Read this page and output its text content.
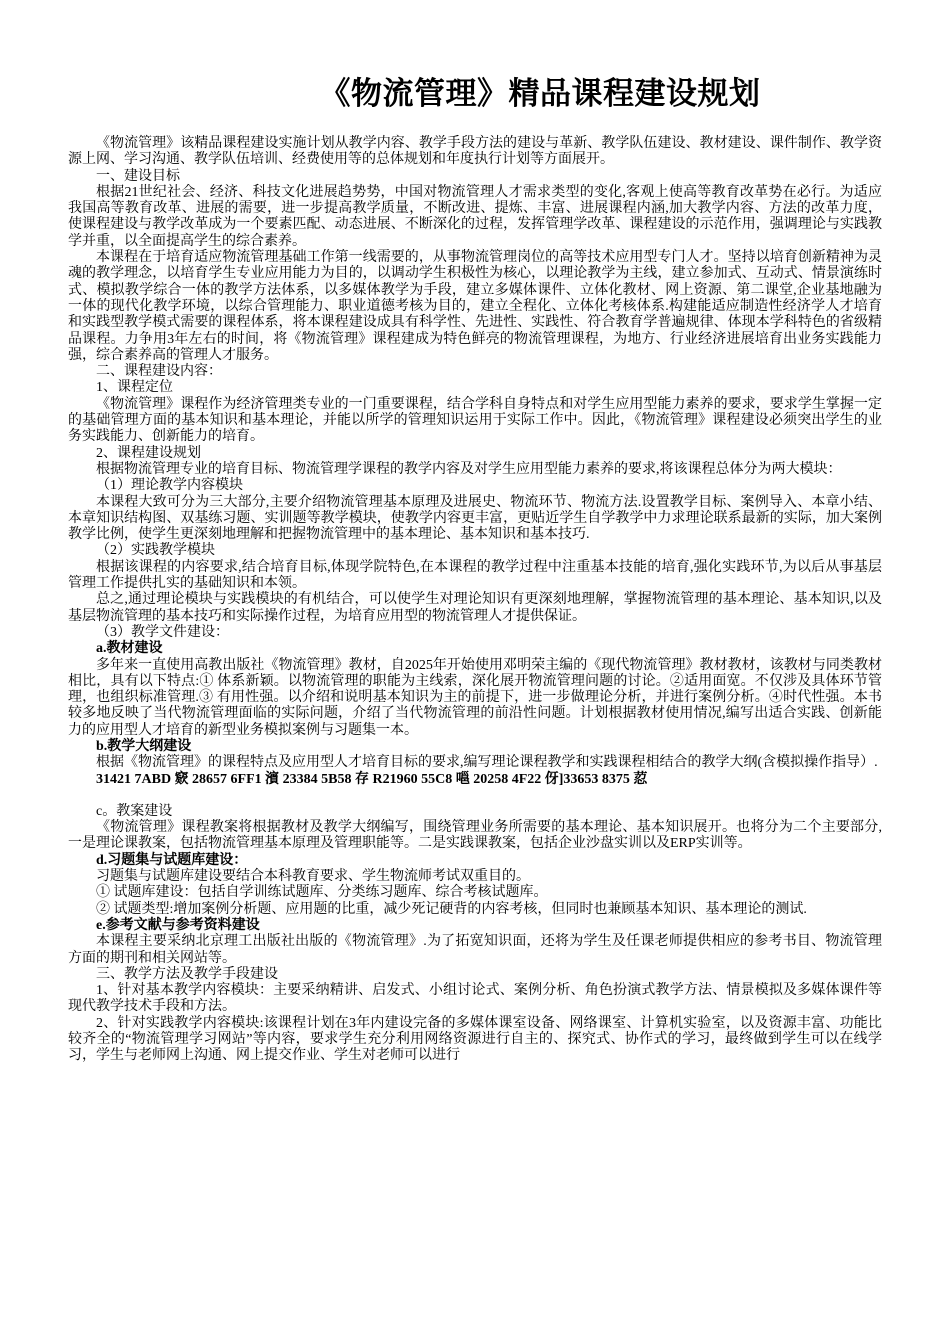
《物流管理》精品课程建设规划

《物流管理》该精品课程建设实施计划从教学内容、教学手段方法的建设与革新、教学队伍建设、教材建设、课件制作、教学资源上网、学习沟通、教学队伍培训、经费使用等的总体规划和年度执行计划等方面展开。

一、建设目标

根据21世纪社会、经济、科技文化进展趋势势，中国对物流管理人才需求类型的变化,客观上使高等教育改革势在必行。为适应我国高等教育改革、进展的需要，进一步提高教学质量，不断改进、提炼、丰富、进展课程内涵,加大教学内容、方法的改革力度，使课程建设与教学改革成为一个要素匹配、动态进展、不断深化的过程，发挥管理学改革、课程建设的示范作用，强调理论与实践教学并重，以全面提高学生的综合素养。

本课程在于培育适应物流管理基础工作第一线需要的，从事物流管理岗位的高等技术应用型专门人才。坚持以培育创新精神为灵魂的教学理念，以培育学生专业应用能力为目的，以调动学生积极性为核心，以理论教学为主线，建立参加式、互动式、情景演练时式、模拟教学综合一体的教学方法体系，以多媒体教学为手段，建立多媒体课件、立体化教材、网上资源、第二课堂,企业基地融为一体的现代化教学环境，以综合管理能力、职业道德考核为目的，建立全程化、立体化考核体系.构建能适应制造性经济学人才培育和实践型教学模式需要的课程体系，将本课程建设成具有科学性、先进性、实践性、符合教育学普遍规律、体现本学科特色的省级精品课程。力争用3年左右的时间，将《物流管理》课程建成为特色鲜亮的物流管理课程，为地方、行业经济进展培育出业务实践能力强，综合素养高的管理人才服务。

二、课程建设内容：

1、课程定位

《物流管理》课程作为经济管理类专业的一门重要课程，结合学科自身特点和对学生应用型能力素养的要求，要求学生掌握一定的基础管理方面的基本知识和基本理论，并能以所学的管理知识运用于实际工作中。因此，《物流管理》课程建设必须突出学生的业务实践能力、创新能力的培育。

2、课程建设规划

根据物流管理专业的培育目标、物流管理学课程的教学内容及对学生应用型能力素养的要求,将该课程总体分为两大模块：

（1）理论教学内容模块

本课程大致可分为三大部分,主要介绍物流管理基本原理及进展史、物流环节、物流方法.设置教学目标、案例导入、本章小结、本章知识结构图、双基练习题、实训题等教学模块，使教学内容更丰富，更贴近学生自学教学中力求理论联系最新的实际，加大案例教学比例，使学生更深刻地理解和把握物流管理中的基本理论、基本知识和基本技巧.

（2）实践教学模块

根据该课程的内容要求,结合培育目标,体现学院特色,在本课程的教学过程中注重基本技能的培育,强化实践环节,为以后从事基层管理工作提供扎实的基础知识和本领。

总之,通过理论模块与实践模块的有机结合，可以使学生对理论知识有更深刻地理解，掌握物流管理的基本理论、基本知识,以及基层物流管理的基本技巧和实际操作过程，为培育应用型的物流管理人才提供保证。

（3）教学文件建设：

a.教材建设

多年来一直使用高教出版社《物流管理》教材，自2025年开始使用邓明荣主编的《现代物流管理》教材教材，该教材与同类教材相比，具有以下特点:① 体系新颖。以物流管理的职能为主线索，深化展开物流管理问题的讨论。②适用面宽。不仅涉及具体环节管理，也组织标准管理.③ 有用性强。以介绍和说明基本知识为主的前提下，进一步做理论分析，并进行案例分析。④时代性强。本书较多地反映了当代物流管理面临的实际问题，介绍了当代物流管理的前沿性问题。计划根据教材使用情况,编写出适合实践、创新能力的应用型人才培育的新型业务模拟案例与习题集一本。

b.教学大纲建设

根据《物流管理》的课程特点及应用型人才培育目标的要求,编写理论课程教学和实践课程相结合的教学大纲(含模拟操作指导）.

31421 7ABD 窽 28657 6FF1 濱 23384 5B58 存 R21960 55C8 嗈 20258 4F22 伢]33653 8375 荵

c。教案建设

《物流管理》课程教案将根据教材及教学大纲编写，围绕管理业务所需要的基本理论、基本知识展开。也将分为二个主要部分,一是理论课教案，包括物流管理基本原理及管理职能等。二是实践课教案，包括企业沙盘实训以及ERP实训等。

d.习题集与试题库建设：

习题集与试题库建设要结合本科教育要求、学生物流师考试双重目的。

① 试题库建设：包括自学训练试题库、分类练习题库、综合考核试题库。

② 试题类型:增加案例分析题、应用题的比重，减少死记硬背的内容考核，但同时也兼顾基本知识、基本理论的测试.

e.参考文献与参考资料建设

本课程主要采纳北京理工出版社出版的《物流管理》.为了拓宽知识面，还将为学生及任课老师提供相应的参考书目、物流管理方面的期刊和相关网站等。

三、教学方法及教学手段建设

1、针对基本教学内容模块：主要采纳精讲、启发式、小组讨论式、案例分析、角色扮演式教学方法、情景模拟及多媒体课件等现代教学技术手段和方法。

2、针对实践教学内容模块:该课程计划在3年内建设完备的多媒体课室设备、网络课室、计算机实验室，以及资源丰富、功能比较齐全的“物流管理学习网站”等内容，要求学生充分利用网络资源进行自主的、探究式、协作式的学习，最终做到学生可以在线学习，学生与老师网上沟通、网上提交作业、学生对老师可以进行
